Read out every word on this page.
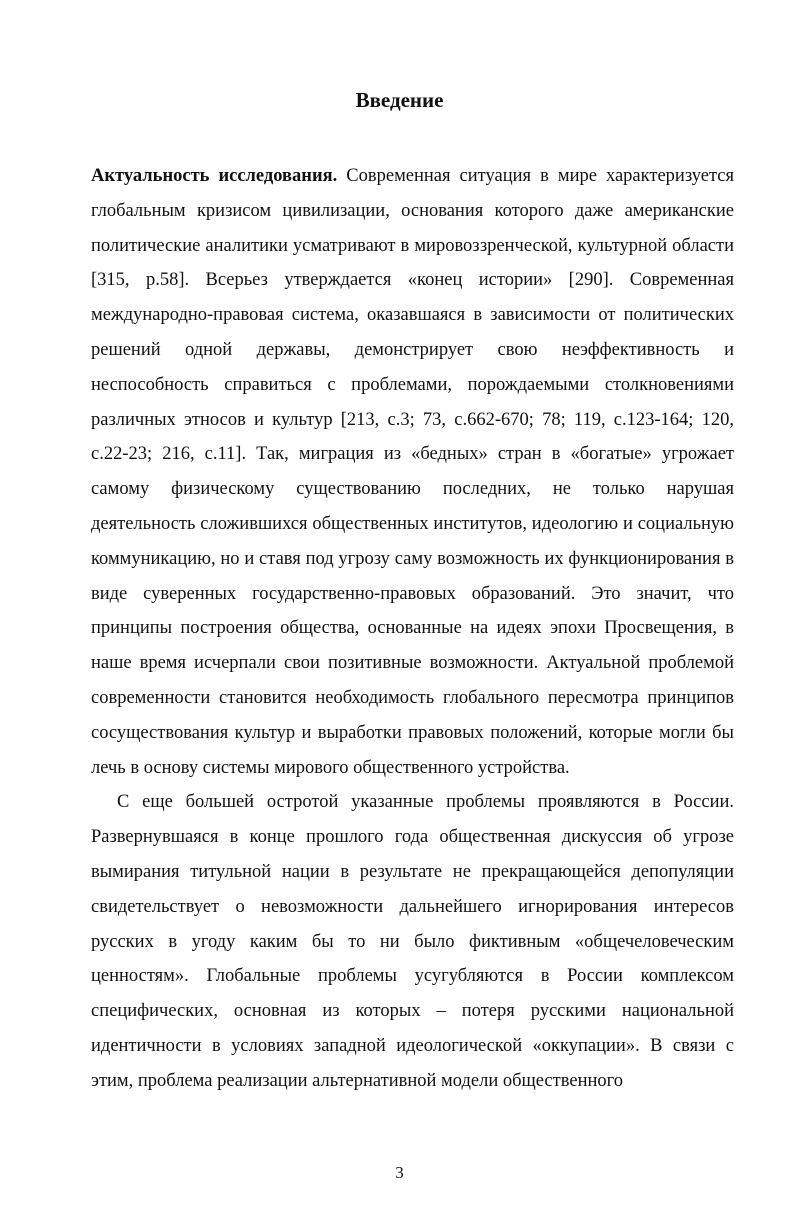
Введение

Актуальность исследования. Современная ситуация в мире характеризуется глобальным кризисом цивилизации, основания которого даже американские политические аналитики усматривают в мировоззренческой, культурной области [315, p.58]. Всерьез утверждается «конец истории» [290]. Современная международно-правовая система, оказавшаяся в зависимости от политических решений одной державы, демонстрирует свою неэффективность и неспособность справиться с проблемами, порождаемыми столкновениями различных этносов и культур [213, с.3; 73, с.662-670; 78; 119, с.123-164; 120, с.22-23; 216, с.11]. Так, миграция из «бедных» стран в «богатые» угрожает самому физическому существованию последних, не только нарушая деятельность сложившихся общественных институтов, идеологию и социальную коммуникацию, но и ставя под угрозу саму возможность их функционирования в виде суверенных государственно-правовых образований. Это значит, что принципы построения общества, основанные на идеях эпохи Просвещения, в наше время исчерпали свои позитивные возможности. Актуальной проблемой современности становится необходимость глобального пересмотра принципов сосуществования культур и выработки правовых положений, которые могли бы лечь в основу системы мирового общественного устройства.

С еще большей остротой указанные проблемы проявляются в России. Развернувшаяся в конце прошлого года общественная дискуссия об угрозе вымирания титульной нации в результате не прекращающейся депопуляции свидетельствует о невозможности дальнейшего игнорирования интересов русских в угоду каким бы то ни было фиктивным «общечеловеческим ценностям». Глобальные проблемы усугубляются в России комплексом специфических, основная из которых – потеря русскими национальной идентичности в условиях западной идеологической «оккупации». В связи с этим, проблема реализации альтернативной модели общественного

3
